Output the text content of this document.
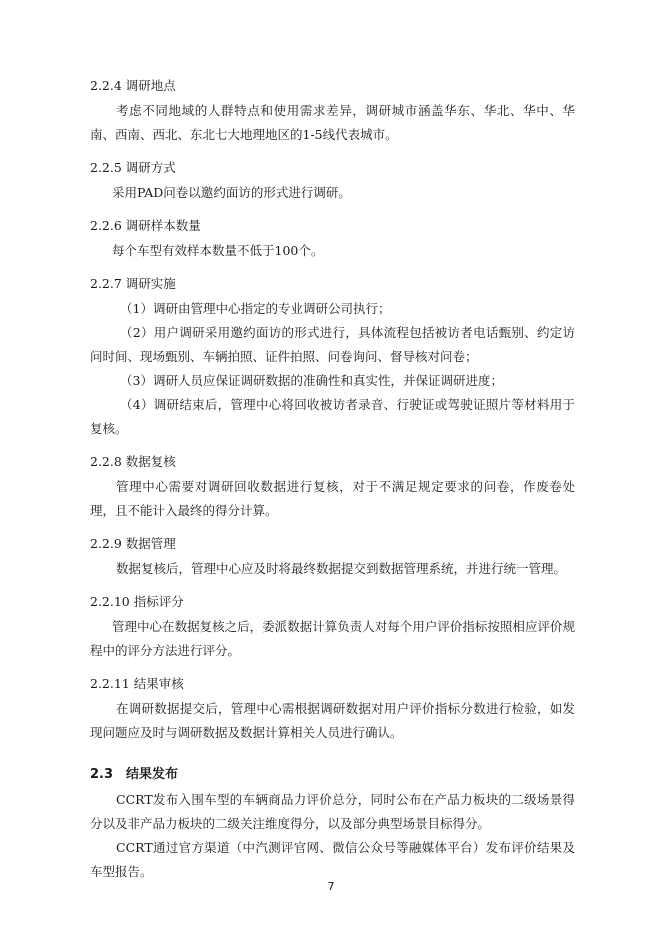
2.2.4 调研地点

考虑不同地域的人群特点和使用需求差异，调研城市涵盖华东、华北、华中、华南、西南、西北、东北七大地理地区的1-5线代表城市。

2.2.5 调研方式

采用PAD问卷以邀约面访的形式进行调研。

2.2.6 调研样本数量

每个车型有效样本数量不低于100个。

2.2.7 调研实施

（1）调研由管理中心指定的专业调研公司执行；

（2）用户调研采用邀约面访的形式进行，具体流程包括被访者电话甄别、约定访问时间、现场甄别、车辆拍照、证件拍照、问卷询问、督导核对问卷；

（3）调研人员应保证调研数据的准确性和真实性，并保证调研进度；

（4）调研结束后，管理中心将回收被访者录音、行驶证或驾驶证照片等材料用于复核。

2.2.8 数据复核

管理中心需要对调研回收数据进行复核，对于不满足规定要求的问卷，作废卷处理，且不能计入最终的得分计算。

2.2.9 数据管理

数据复核后，管理中心应及时将最终数据提交到数据管理系统，并进行统一管理。

2.2.10 指标评分

管理中心在数据复核之后，委派数据计算负责人对每个用户评价指标按照相应评价规程中的评分方法进行评分。

2.2.11 结果审核

在调研数据提交后，管理中心需根据调研数据对用户评价指标分数进行检验，如发现问题应及时与调研数据及数据计算相关人员进行确认。

2.3　结果发布

CCRT发布入围车型的车辆商品力评价总分，同时公布在产品力板块的二级场景得分以及非产品力板块的二级关注维度得分，以及部分典型场景目标得分。

CCRT通过官方渠道（中汽测评官网、微信公众号等融媒体平台）发布评价结果及车型报告。

7
